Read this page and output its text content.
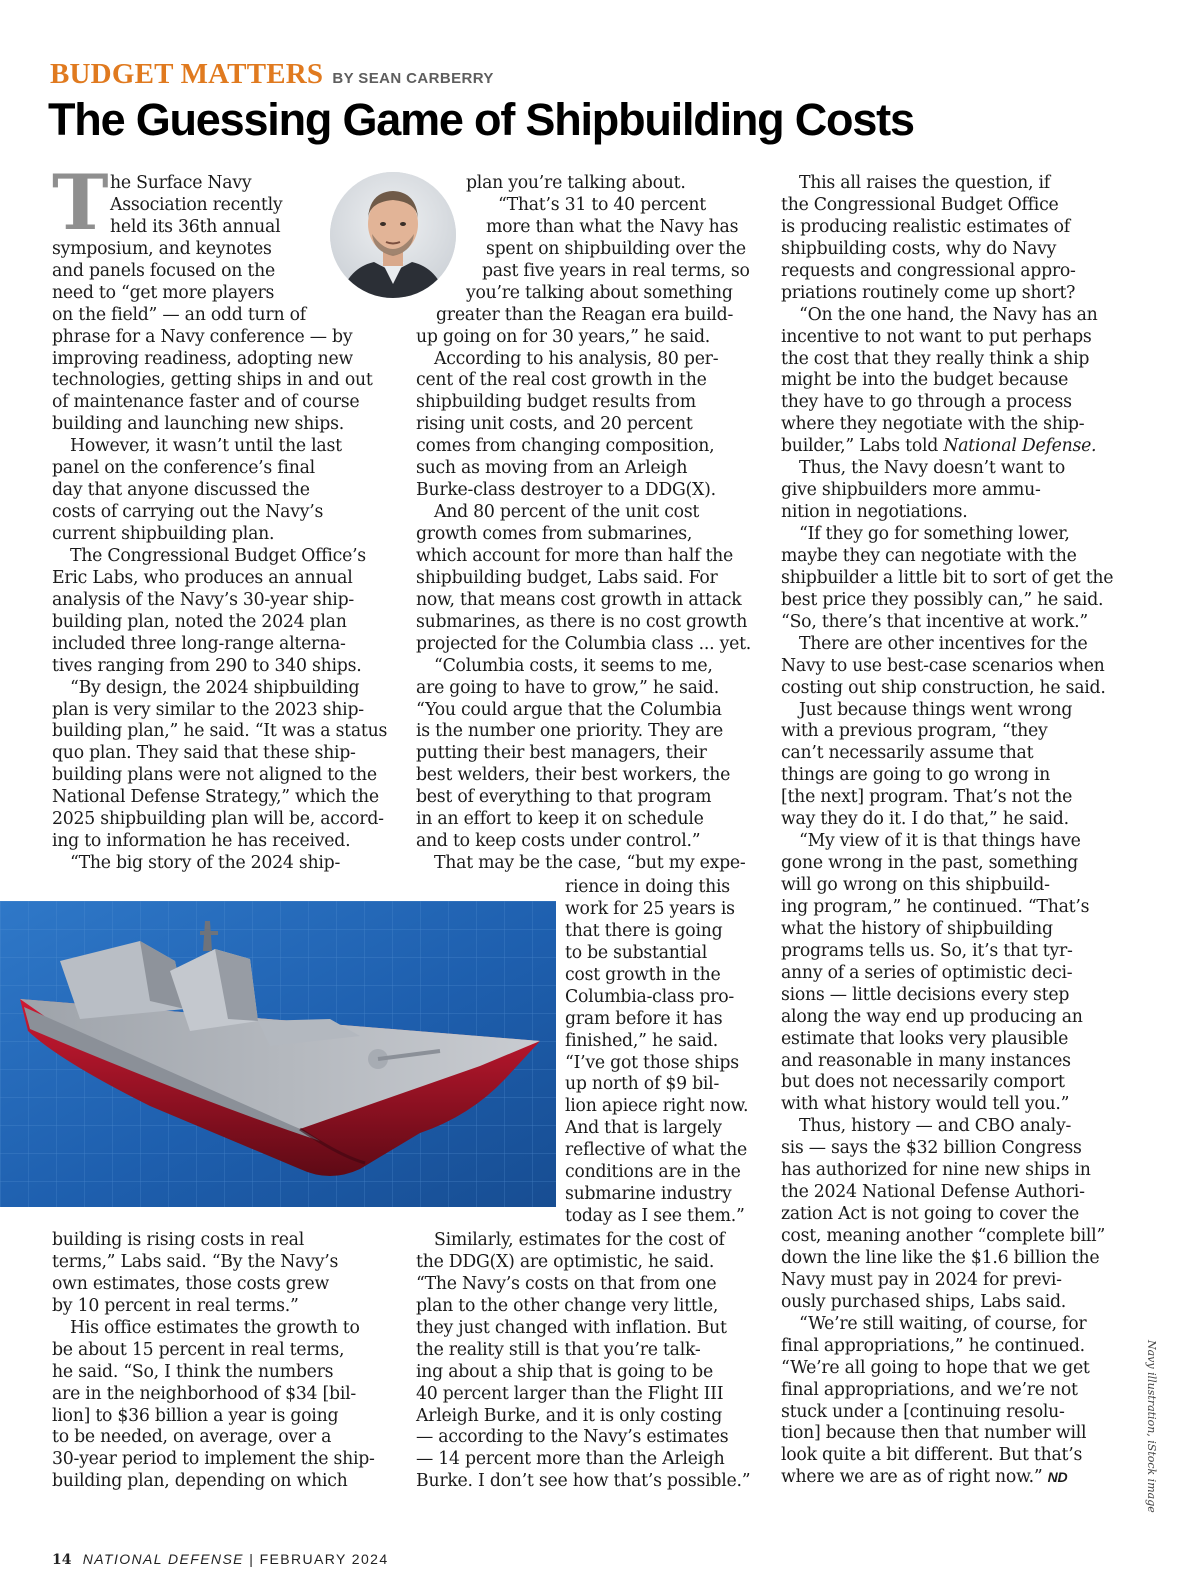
BUDGET MATTERS BY SEAN CARBERRY
The Guessing Game of Shipbuilding Costs
T he Surface Navy
Association recently
held its 36th annual
symposium, and keynotes
and panels focused on the
need to “get more players
on the field” — an odd turn of
phrase for a Navy conference — by
improving readiness, adopting new
technologies, getting ships in and out
of maintenance faster and of course
building and launching new ships.
However, it wasn’t until the last
panel on the conference’s final
day that anyone discussed the
costs of carrying out the Navy’s
current shipbuilding plan.
The Congressional Budget Office’s
Eric Labs, who produces an annual
analysis of the Navy’s 30-year ship-
building plan, noted the 2024 plan
included three long-range alterna-
tives ranging from 290 to 340 ships.
“By design, the 2024 shipbuilding
plan is very similar to the 2023 ship-
building plan,” he said. “It was a status
quo plan. They said that these ship-
building plans were not aligned to the
National Defense Strategy,” which the
2025 shipbuilding plan will be, accord-
ing to information he has received.
“The big story of the 2024 ship-
plan you’re talking about.
“That’s 31 to 40 percent
more than what the Navy has
spent on shipbuilding over the
past five years in real terms, so
you’re talking about something
greater than the Reagan era build-
up going on for 30 years,” he said.
According to his analysis, 80 per-
cent of the real cost growth in the
shipbuilding budget results from
rising unit costs, and 20 percent
comes from changing composition,
such as moving from an Arleigh
Burke-class destroyer to a DDG(X).
And 80 percent of the unit cost
growth comes from submarines,
which account for more than half the
shipbuilding budget, Labs said. For
now, that means cost growth in attack
submarines, as there is no cost growth
projected for the Columbia class ... yet.
“Columbia costs, it seems to me,
are going to have to grow,” he said.
“You could argue that the Columbia
is the number one priority. They are
putting their best managers, their
best welders, their best workers, the
best of everything to that program
in an effort to keep it on schedule
and to keep costs under control.”
That may be the case, “but my expe-
rience in doing this
work for 25 years is
that there is going
to be substantial
cost growth in the
Columbia-class pro-
gram before it has
finished,” he said.
“I’ve got those ships
up north of $9 bil-
lion apiece right now.
And that is largely
reflective of what the
conditions are in the
submarine industry
today as I see them.”
building is rising costs in real
terms,” Labs said. “By the Navy’s
own estimates, those costs grew
by 10 percent in real terms.”
His office estimates the growth to
be about 15 percent in real terms,
he said. “So, I think the numbers
are in the neighborhood of $34 [bil-
lion] to $36 billion a year is going
to be needed, on average, over a
30-year period to implement the ship-
building plan, depending on which
Similarly, estimates for the cost of
the DDG(X) are optimistic, he said.
“The Navy’s costs on that from one
plan to the other change very little,
they just changed with inflation. But
the reality still is that you’re talk-
ing about a ship that is going to be
40 percent larger than the Flight III
Arleigh Burke, and it is only costing
— according to the Navy’s estimates
— 14 percent more than the Arleigh
Burke. I don’t see how that’s possible.”
This all raises the question, if
the Congressional Budget Office
is producing realistic estimates of
shipbuilding costs, why do Navy
requests and congressional appro-
priations routinely come up short?
“On the one hand, the Navy has an
incentive to not want to put perhaps
the cost that they really think a ship
might be into the budget because
they have to go through a process
where they negotiate with the ship-
builder,” Labs told National Defense.
Thus, the Navy doesn’t want to
give shipbuilders more ammu-
nition in negotiations.
“If they go for something lower,
maybe they can negotiate with the
shipbuilder a little bit to sort of get the
best price they possibly can,” he said.
“So, there’s that incentive at work.”
There are other incentives for the
Navy to use best-case scenarios when
costing out ship construction, he said.
Just because things went wrong
with a previous program, “they
can’t necessarily assume that
things are going to go wrong in
[the next] program. That’s not the
way they do it. I do that,” he said.
“My view of it is that things have
gone wrong in the past, something
will go wrong on this shipbuild-
ing program,” he continued. “That’s
what the history of shipbuilding
programs tells us. So, it’s that tyr-
anny of a series of optimistic deci-
sions — little decisions every step
along the way end up producing an
estimate that looks very plausible
and reasonable in many instances
but does not necessarily comport
with what history would tell you.”
Thus, history — and CBO analy-
sis — says the $32 billion Congress
has authorized for nine new ships in
the 2024 National Defense Authori-
zation Act is not going to cover the
cost, meaning another “complete bill”
down the line like the $1.6 billion the
Navy must pay in 2024 for previ-
ously purchased ships, Labs said.
“We’re still waiting, of course, for
final appropriations,” he continued.
“We’re all going to hope that we get
final appropriations, and we’re not
stuck under a [continuing resolu-
tion] because then that number will
look quite a bit different. But that’s
where we are as of right now.” ND	Navy illustration, iStock image
14 NATIONAL DEFENSE | FEBRUARY 2024
